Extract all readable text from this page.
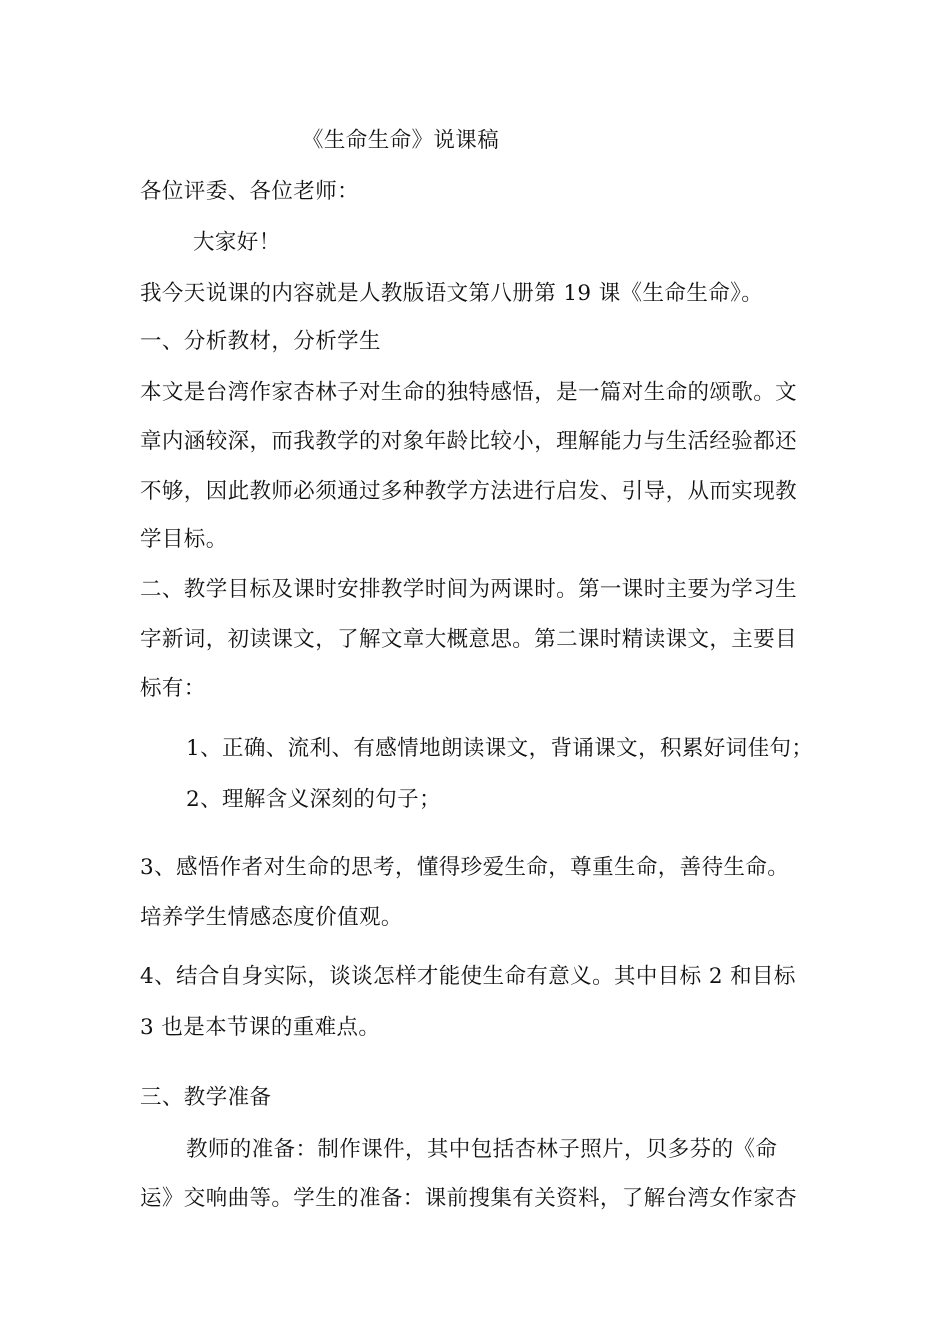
《生命生命》说课稿
各位评委、各位老师：
大家好！
我今天说课的内容就是人教版语文第八册第 19 课《生命生命》。
一、分析教材，分析学生
本文是台湾作家杏林子对生命的独特感悟，是一篇对生命的颂歌。文
章内涵较深，而我教学的对象年龄比较小，理解能力与生活经验都还
不够，因此教师必须通过多种教学方法进行启发、引导，从而实现教
学目标。
二、教学目标及课时安排教学时间为两课时。第一课时主要为学习生
字新词，初读课文，了解文章大概意思。第二课时精读课文，主要目
标有：
1、正确、流利、有感情地朗读课文，背诵课文，积累好词佳句；
2、理解含义深刻的句子；
3、感悟作者对生命的思考，懂得珍爱生命，尊重生命，善待生命。
培养学生情感态度价值观。
4、结合自身实际，谈谈怎样才能使生命有意义。其中目标 2 和目标
3 也是本节课的重难点。
三、教学准备
教师的准备：制作课件，其中包括杏林子照片，贝多芬的《命
运》交响曲等。学生的准备：课前搜集有关资料，了解台湾女作家杏
